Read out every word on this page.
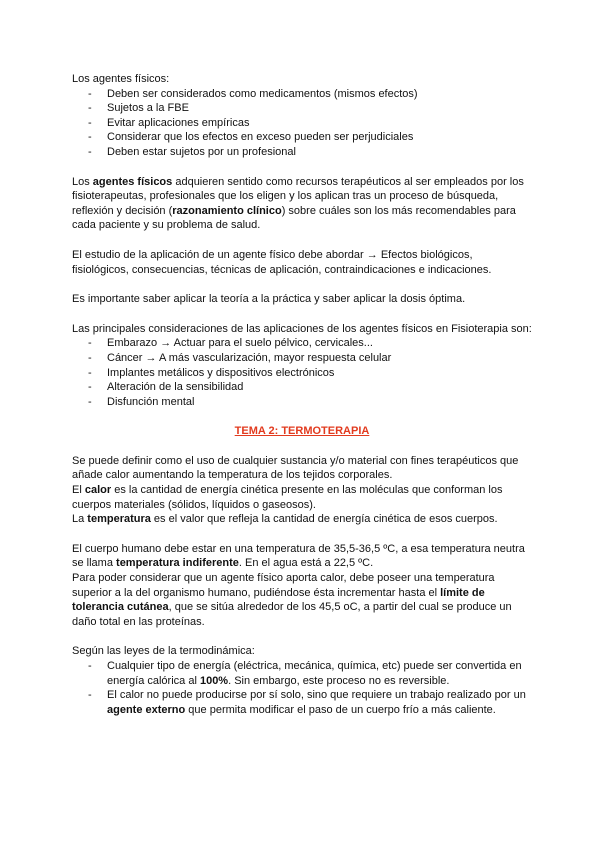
Los agentes físicos:

- Deben ser considerados como medicamentos (mismos efectos)
- Sujetos a la FBE
- Evitar aplicaciones empíricas
- Considerar que los efectos en exceso pueden ser perjudiciales
- Deben estar sujetos por un profesional

Los agentes físicos adquieren sentido como recursos terapéuticos al ser empleados por los fisioterapeutas, profesionales que los eligen y los aplican tras un proceso de búsqueda, reflexión y decisión (razonamiento clínico) sobre cuáles son los más recomendables para cada paciente y su problema de salud.

El estudio de la aplicación de un agente físico debe abordar → Efectos biológicos, fisiológicos, consecuencias, técnicas de aplicación, contraindicaciones e indicaciones.

Es importante saber aplicar la teoría a la práctica y saber aplicar la dosis óptima.

Las principales consideraciones de las aplicaciones de los agentes físicos en Fisioterapia son:

- Embarazo → Actuar para el suelo pélvico, cervicales...
- Cáncer → A más vascularización, mayor respuesta celular
- Implantes metálicos y dispositivos electrónicos
- Alteración de la sensibilidad
- Disfunción mental

TEMA 2: TERMOTERAPIA

Se puede definir como el uso de cualquier sustancia y/o material con fines terapéuticos que añade calor aumentando la temperatura de los tejidos corporales.

El calor es la cantidad de energía cinética presente en las moléculas que conforman los cuerpos materiales (sólidos, líquidos o gaseosos).

La temperatura es el valor que refleja la cantidad de energía cinética de esos cuerpos.

El cuerpo humano debe estar en una temperatura de 35,5-36,5 ºC, a esa temperatura neutra se llama temperatura indiferente. En el agua está a 22,5 ºC.

Para poder considerar que un agente físico aporta calor, debe poseer una temperatura superior a la del organismo humano, pudiéndose ésta incrementar hasta el límite de tolerancia cutánea, que se sitúa alrededor de los 45,5 oC, a partir del cual se produce un daño total en las proteínas.

Según las leyes de la termodinámica:

- Cualquier tipo de energía (eléctrica, mecánica, química, etc) puede ser convertida en energía calórica al 100%. Sin embargo, este proceso no es reversible.
- El calor no puede producirse por sí solo, sino que requiere un trabajo realizado por un agente externo que permita modificar el paso de un cuerpo frío a más caliente.
